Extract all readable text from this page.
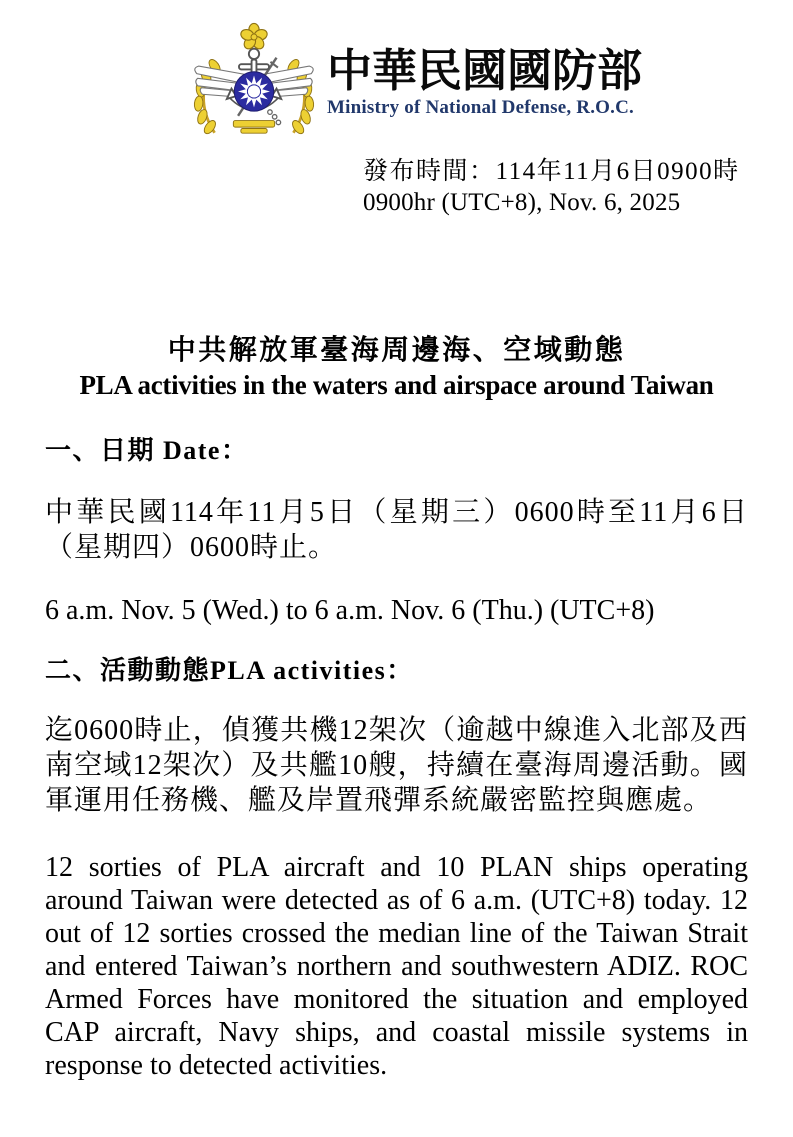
中華民國國防部
Ministry of National Defense, R.O.C.
發布時間：114年11月6日0900時
0900hr (UTC+8), Nov. 6, 2025
中共解放軍臺海周邊海、空域動態
PLA activities in the waters and airspace around Taiwan
一、日期 Date：

中華民國114年11月5日（星期三）0600時至11月6日（星期四）0600時止。

6 a.m. Nov. 5 (Wed.) to 6 a.m. Nov. 6 (Thu.) (UTC+8)

二、活動動態PLA activities：

迄0600時止，偵獲共機12架次（逾越中線進入北部及西南空域12架次）及共艦10艘，持續在臺海周邊活動。國軍運用任務機、艦及岸置飛彈系統嚴密監控與應處。

12 sorties of PLA aircraft and 10 PLAN ships operating around Taiwan were detected as of 6 a.m. (UTC+8) today. 12 out of 12 sorties crossed the median line of the Taiwan Strait and entered Taiwan’s northern and southwestern ADIZ. ROC Armed Forces have monitored the situation and employed CAP aircraft, Navy ships, and coastal missile systems in response to detected activities.
